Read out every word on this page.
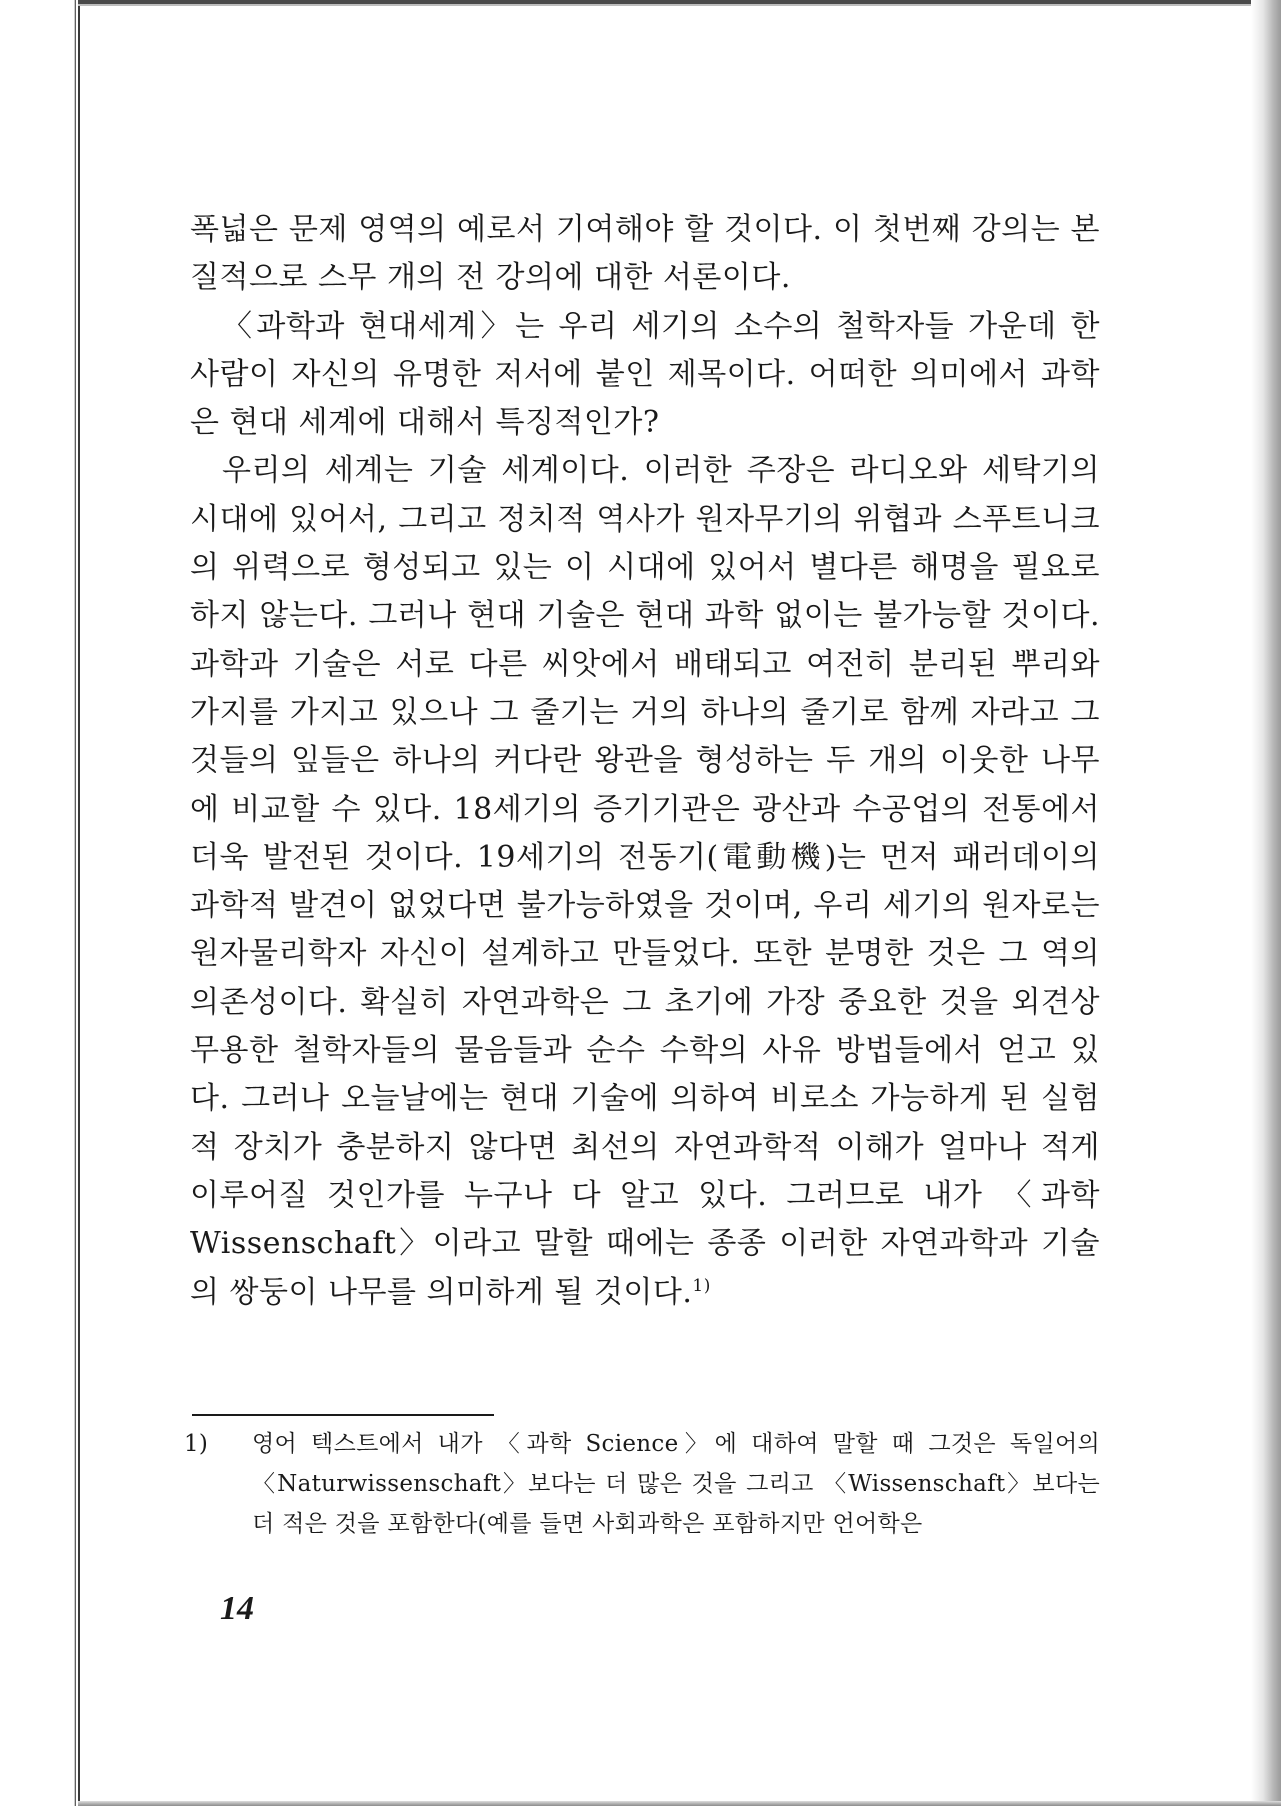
폭넓은 문제 영역의 예로서 기여해야 할 것이다. 이 첫번째 강의는 본질적으로 스무 개의 전 강의에 대한 서론이다.

〈과학과 현대세계〉는 우리 세기의 소수의 철학자들 가운데 한 사람이 자신의 유명한 저서에 붙인 제목이다. 어떠한 의미에서 과학은 현대 세계에 대해서 특징적인가?

우리의 세계는 기술 세계이다. 이러한 주장은 라디오와 세탁기의 시대에 있어서, 그리고 정치적 역사가 원자무기의 위협과 스푸트니크의 위력으로 형성되고 있는 이 시대에 있어서 별다른 해명을 필요로 하지 않는다. 그러나 현대 기술은 현대 과학 없이는 불가능할 것이다. 과학과 기술은 서로 다른 씨앗에서 배태되고 여전히 분리된 뿌리와 가지를 가지고 있으나 그 줄기는 거의 하나의 줄기로 함께 자라고 그것들의 잎들은 하나의 커다란 왕관을 형성하는 두 개의 이웃한 나무에 비교할 수 있다. 18세기의 증기기관은 광산과 수공업의 전통에서 더욱 발전된 것이다. 19세기의 전동기(電動機)는 먼저 패러데이의 과학적 발견이 없었다면 불가능하였을 것이며, 우리 세기의 원자로는 원자물리학자 자신이 설계하고 만들었다. 또한 분명한 것은 그 역의 의존성이다. 확실히 자연과학은 그 초기에 가장 중요한 것을 외견상 무용한 철학자들의 물음들과 순수 수학의 사유 방법들에서 얻고 있다. 그러나 오늘날에는 현대 기술에 의하여 비로소 가능하게 된 실험적 장치가 충분하지 않다면 최선의 자연과학적 이해가 얼마나 적게 이루어질 것인가를 누구나 다 알고 있다. 그러므로 내가 〈과학 Wissenschaft〉이라고 말할 때에는 종종 이러한 자연과학과 기술의 쌍둥이 나무를 의미하게 될 것이다.$^{1)}$

1) 영어 텍스트에서 내가 〈과학 Science〉에 대하여 말할 때 그것은 독일어의 〈Naturwissenschaft〉보다는 더 많은 것을 그리고 〈Wissenschaft〉보다는 더 적은 것을 포함한다(예를 들면 사회과학은 포함하지만 언어학은
14
